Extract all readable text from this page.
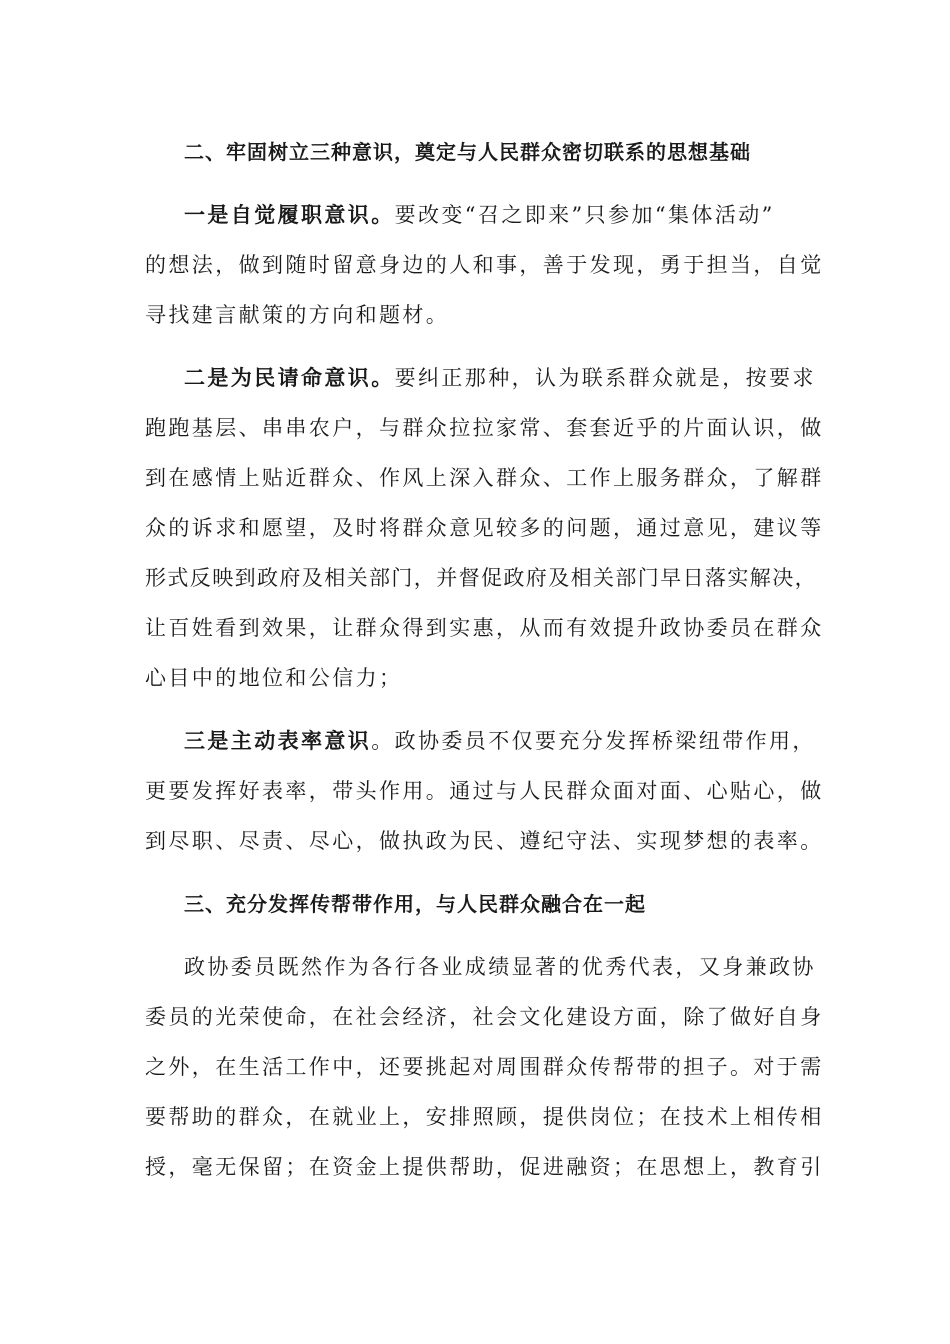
二、牢固树立三种意识，奠定与人民群众密切联系的思想基础
一是自觉履职意识。要改变“召之即来”只参加“集体活动”
的想法，做到随时留意身边的人和事，善于发现，勇于担当，自觉
寻找建言献策的方向和题材。
二是为民请命意识。要纠正那种，认为联系群众就是，按要求
跑跑基层、串串农户，与群众拉拉家常、套套近乎的片面认识，做
到在感情上贴近群众、作风上深入群众、工作上服务群众，了解群
众的诉求和愿望，及时将群众意见较多的问题，通过意见，建议等
形式反映到政府及相关部门，并督促政府及相关部门早日落实解决，
让百姓看到效果，让群众得到实惠，从而有效提升政协委员在群众
心目中的地位和公信力；
三是主动表率意识。政协委员不仅要充分发挥桥梁纽带作用，
更要发挥好表率，带头作用。通过与人民群众面对面、心贴心，做
到尽职、尽责、尽心，做执政为民、遵纪守法、实现梦想的表率。
三、充分发挥传帮带作用，与人民群众融合在一起
政协委员既然作为各行各业成绩显著的优秀代表，又身兼政协
委员的光荣使命，在社会经济，社会文化建设方面，除了做好自身
之外，在生活工作中，还要挑起对周围群众传帮带的担子。对于需
要帮助的群众，在就业上，安排照顾，提供岗位；在技术上相传相
授，毫无保留；在资金上提供帮助，促进融资；在思想上，教育引
